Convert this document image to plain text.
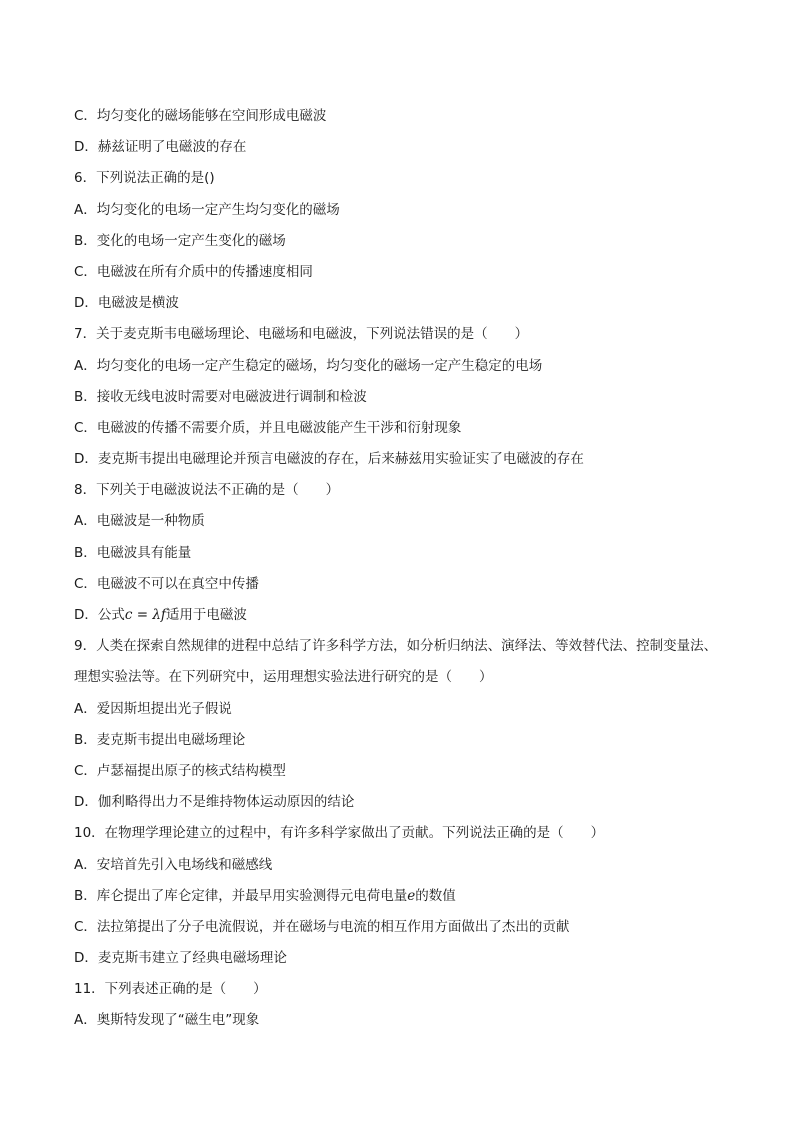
C．均匀变化的磁场能够在空间形成电磁波
D．赫兹证明了电磁波的存在
6．下列说法正确的是()
A．均匀变化的电场一定产生均匀变化的磁场
B．变化的电场一定产生变化的磁场
C．电磁波在所有介质中的传播速度相同
D．电磁波是横波
7．关于麦克斯韦电磁场理论、电磁场和电磁波，下列说法错误的是（　　）
A．均匀变化的电场一定产生稳定的磁场，均匀变化的磁场一定产生稳定的电场
B．接收无线电波时需要对电磁波进行调制和检波
C．电磁波的传播不需要介质，并且电磁波能产生干涉和衍射现象
D．麦克斯韦提出电磁理论并预言电磁波的存在，后来赫兹用实验证实了电磁波的存在
8．下列关于电磁波说法不正确的是（　　）
A．电磁波是一种物质
B．电磁波具有能量
C．电磁波不可以在真空中传播
D．公式c = λf适用于电磁波
9．人类在探索自然规律的进程中总结了许多科学方法，如分析归纳法、演绎法、等效替代法、控制变量法、
理想实验法等。在下列研究中，运用理想实验法进行研究的是（　　）
A．爱因斯坦提出光子假说
B．麦克斯韦提出电磁场理论
C．卢瑟福提出原子的核式结构模型
D．伽利略得出力不是维持物体运动原因的结论
10．在物理学理论建立的过程中，有许多科学家做出了贡献。下列说法正确的是（　　）
A．安培首先引入电场线和磁感线
B．库仑提出了库仑定律，并最早用实验测得元电荷电量e的数值
C．法拉第提出了分子电流假说，并在磁场与电流的相互作用方面做出了杰出的贡献
D．麦克斯韦建立了经典电磁场理论
11．下列表述正确的是（　　）
A．奥斯特发现了“磁生电”现象
